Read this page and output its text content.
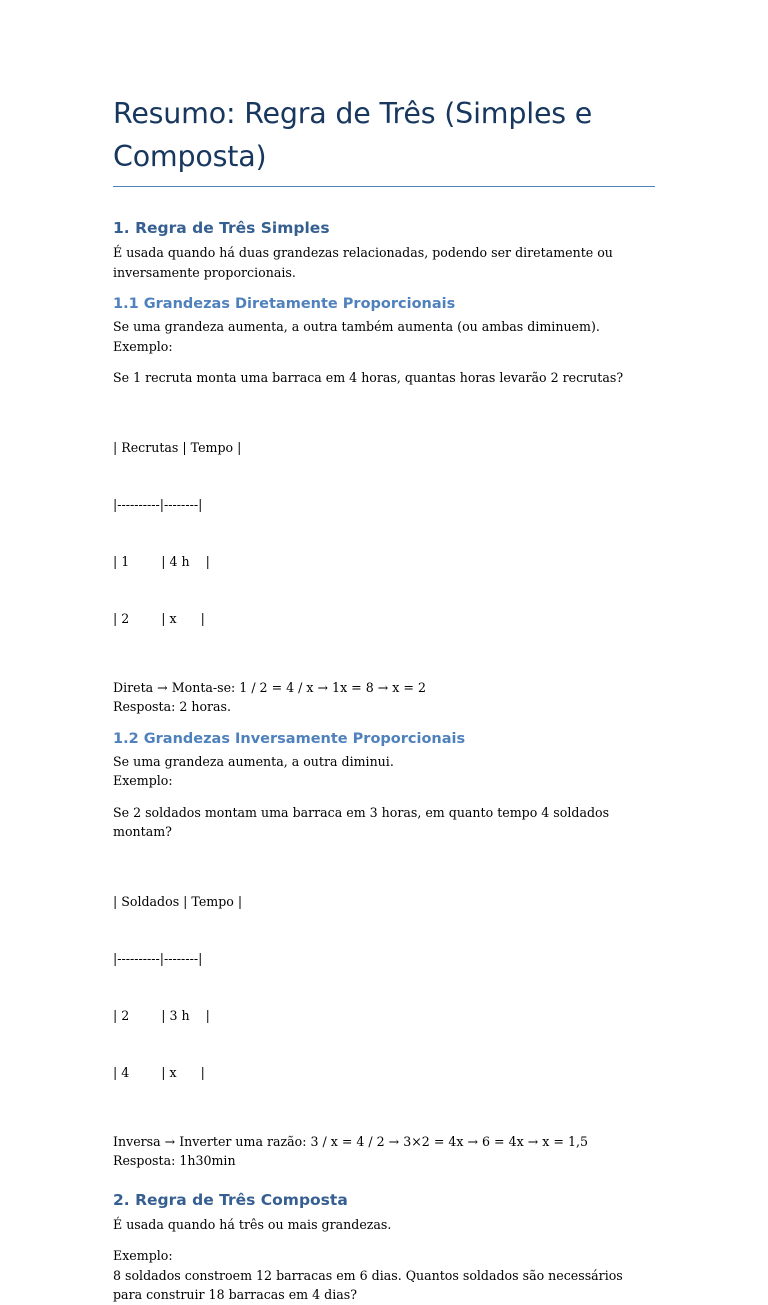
Resumo: Regra de Três (Simples e Composta)
1. Regra de Três Simples

É usada quando há duas grandezas relacionadas, podendo ser diretamente ou inversamente proporcionais.

1.1 Grandezas Diretamente Proporcionais

Se uma grandeza aumenta, a outra também aumenta (ou ambas diminuem).

Exemplo:

Se 1 recruta monta uma barraca em 4 horas, quantas horas levarão 2 recrutas?

| Recrutas | Tempo |

|----------|--------|

| 1        | 4 h    |

| 2        | x      |

Direta → Monta-se: 1 / 2 = 4 / x → 1x = 8 → x = 2

Resposta: 2 horas.

1.2 Grandezas Inversamente Proporcionais

Se uma grandeza aumenta, a outra diminui.

Exemplo:

Se 2 soldados montam uma barraca em 3 horas, em quanto tempo 4 soldados montam?

| Soldados | Tempo |

|----------|--------|

| 2        | 3 h    |

| 4        | x      |

Inversa → Inverter uma razão: 3 / x = 4 / 2 → 3×2 = 4x → 6 = 4x → x = 1,5

Resposta: 1h30min

2. Regra de Três Composta

É usada quando há três ou mais grandezas.

Exemplo:

8 soldados constroem 12 barracas em 6 dias. Quantos soldados são necessários para construir 18 barracas em 4 dias?
